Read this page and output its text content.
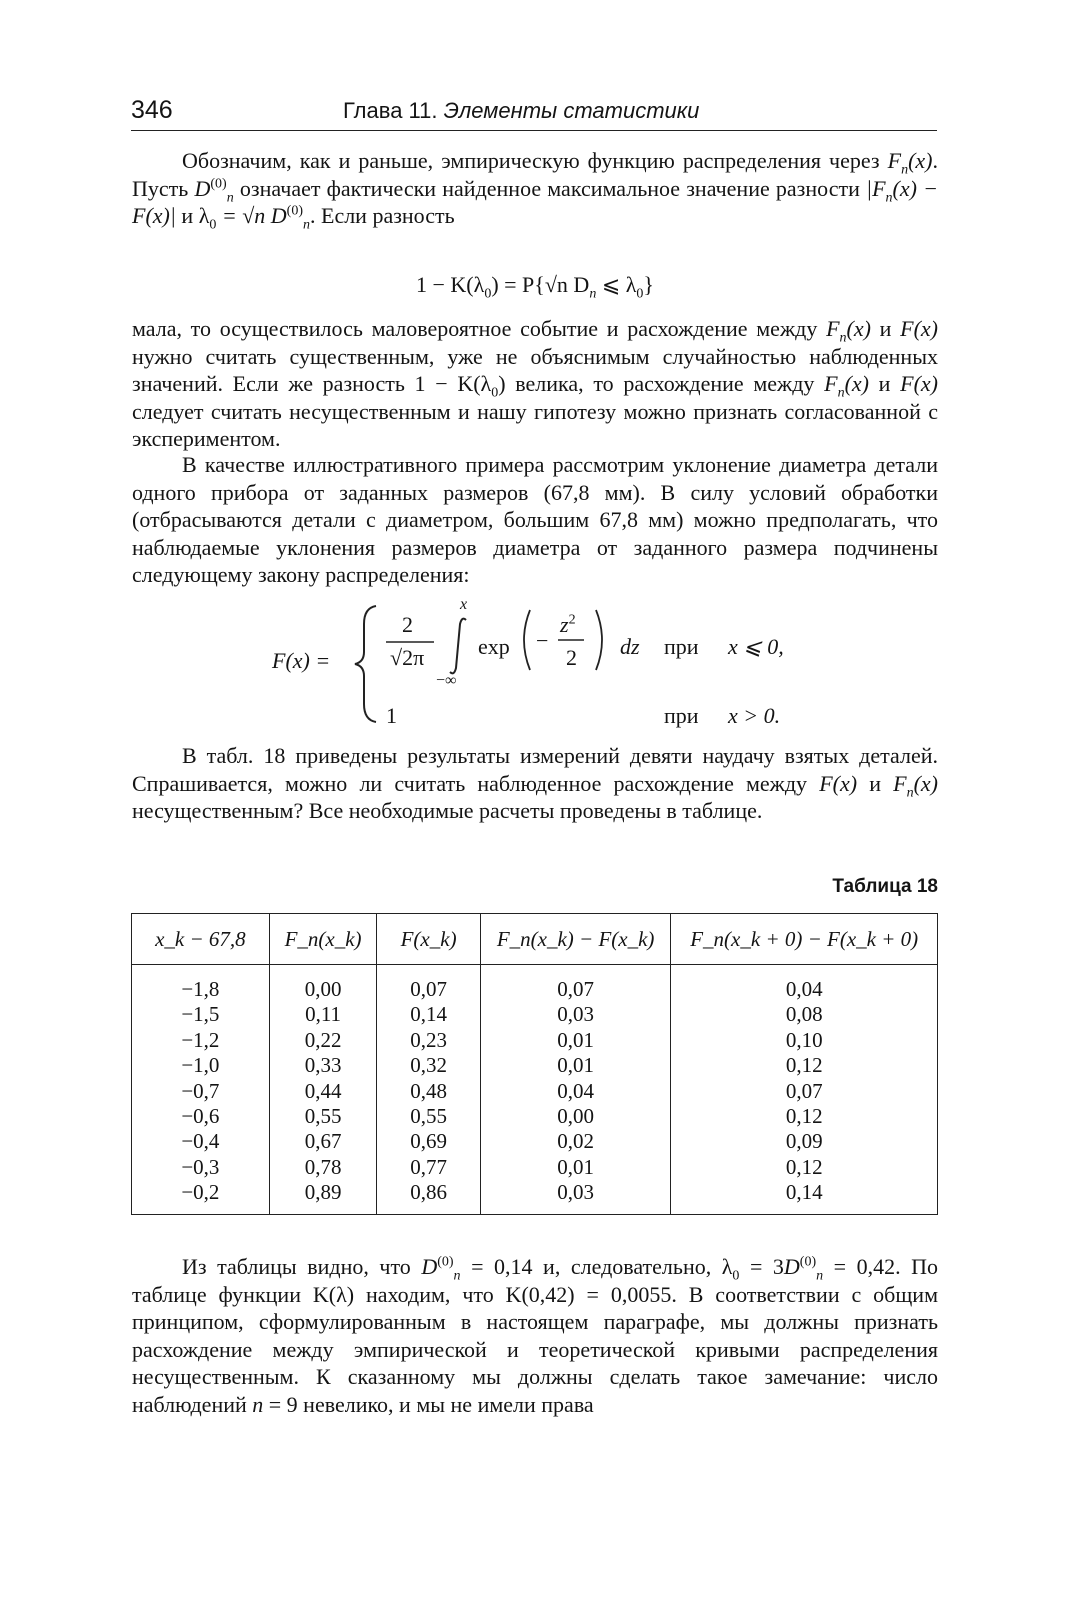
346	Глава 11. Элементы статистики

Обозначим, как и раньше, эмпирическую функцию распределения через $F_n(x)$. Пусть $D^{(0)}_n$ означает фактически найденное максимальное значение разности $|F_n(x) - F(x)|$ и $\lambda_0 = √n$ $D^{(0)}_n$. Если разность

$1 - K(\lambda_0) = P\{√n$ $D_n$ ⩽ $\lambda_0$}

мала, то осуществилось маловероятное событие и расхождение между $F_n(x)$ и F(x) нужно считать существенным, уже не объяснимым случайностью наблюденных значений. Если же разность $1 - K(\lambda_0)$ велика, то расхождение между $F_n(x)$ и F(x) следует считать несущественным и нашу гипотезу можно признать согласованной с экспериментом.

В качестве иллюстративного примера рассмотрим уклонение диаметра детали одного прибора от заданных размеров (67,8 мм). В силу условий обработки (отбрасываются детали с диаметром, большим 67,8 мм) можно предполагать, что наблюдаемые уклонения размеров диаметра от заданного размера подчинены следующему закону распределения:

F(x) =
2
√2π
x
−∞
exp −
$z^2$
2 dz при x ⩽ 0,
1	при x > 0.

В табл. 18 приведены результаты измерений девяти наудачу взятых деталей. Спрашивается, можно ли считать наблюденное расхождение между F(x) и $F_n(x)$ несущественным? Все необходимые расчеты проведены в таблице.

Таблица 18
x_k − 67,8	F_n(x_k)	F(x_k)	F_n(x_k) − F(x_k)	F_n(x_k + 0) − F(x_k + 0)

−1,8	0,00	0,07	0,07	0,04
−1,5	0,11	0,14	0,03	0,08
−1,2	0,22	0,23	0,01	0,10
−1,0	0,33	0,32	0,01	0,12
−0,7	0,44	0,48	0,04	0,07
−0,6	0,55	0,55	0,00	0,12
−0,4	0,67	0,69	0,02	0,09
−0,3	0,78	0,77	0,01	0,12
−0,2	0,89	0,86	0,03	0,14

Из таблицы видно, что $D^{(0)}_n = 0,14$ и, следовательно, $\lambda_0 = 3D^{(0)}_n = 0,42$. По таблице функции K(λ) находим, что K(0,42) = 0,0055. В соответствии с общим принципом, сформулированным в настоящем параграфе, мы должны признать расхождение между эмпирической и теоретической кривыми распределения несущественным. К сказанному мы должны сделать такое замечание: число наблюдений n = 9 невелико, и мы не имели права
